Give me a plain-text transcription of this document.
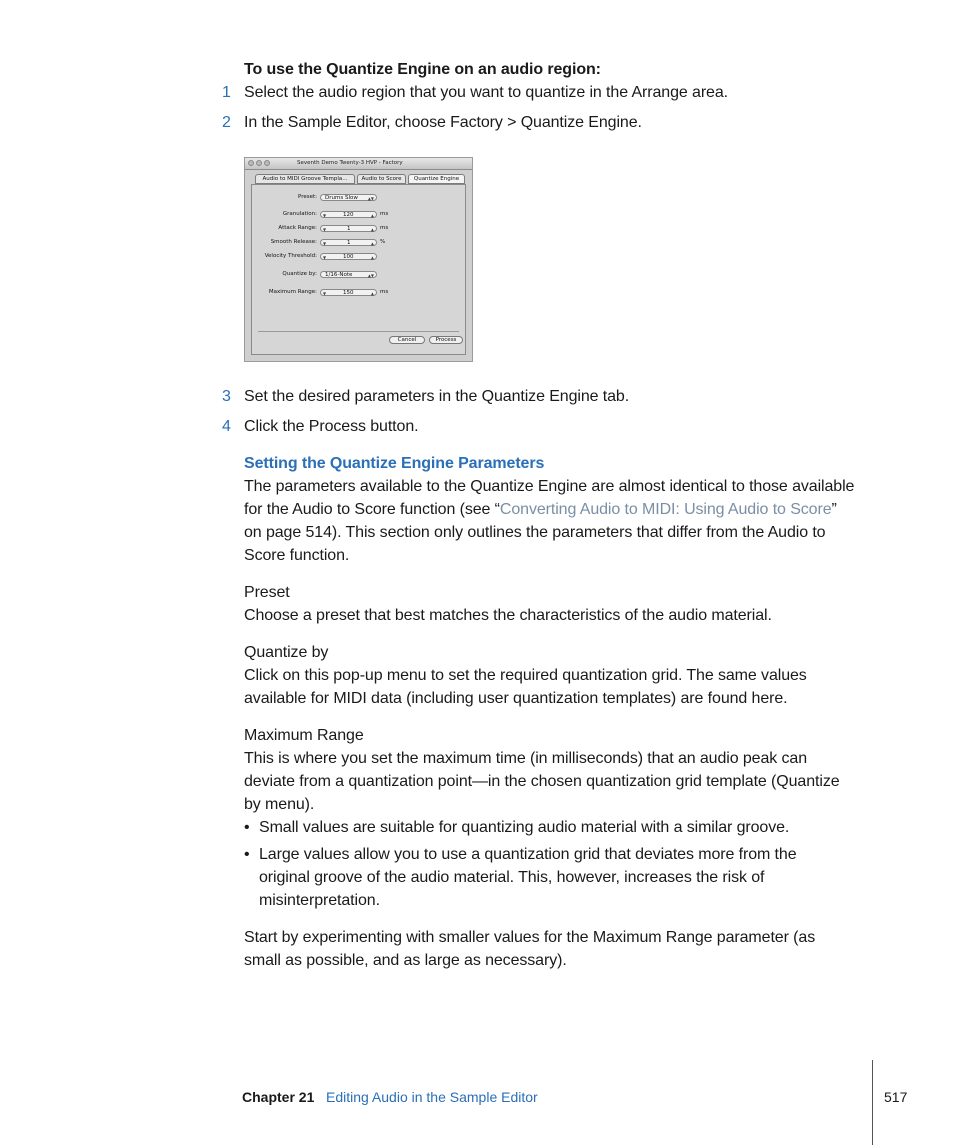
To use the Quantize Engine on an audio region:
1 Select the audio region that you want to quantize in the Arrange area.
2 In the Sample Editor, choose Factory > Quantize Engine.
Seventh Demo Twenty-3 HVP - Factory
Audio to MIDI Groove Templa...	Audio to Score	Quantize Engine
Preset: Drums Slow	▲▼
Granulation: ▼	120	▲ ms
Attack Range: ▼	1	▲ ms
Smooth Release: ▼	1	▲ %
Velocity Threshold: ▼	100	▲
Quantize by: 1/16-Note	▲▼
Maximum Range: ▼	150	▲ ms
Cancel	Process
3 Set the desired parameters in the Quantize Engine tab.
4 Click the Process button.
Setting the Quantize Engine Parameters
The parameters available to the Quantize Engine are almost identical to those available
for the Audio to Score function (see “Converting Audio to MIDI: Using Audio to Score”
on page 514). This section only outlines the parameters that differ from the Audio to
Score function.
Preset
Choose a preset that best matches the characteristics of the audio material.
Quantize by
Click on this pop-up menu to set the required quantization grid. The same values
available for MIDI data (including user quantization templates) are found here.
Maximum Range
This is where you set the maximum time (in milliseconds) that an audio peak can
deviate from a quantization point—in the chosen quantization grid template (Quantize
by menu).
• Small values are suitable for quantizing audio material with a similar groove.
• Large values allow you to use a quantization grid that deviates more from the
original groove of the audio material. This, however, increases the risk of
misinterpretation.
Start by experimenting with smaller values for the Maximum Range parameter (as
small as possible, and as large as necessary).
Chapter 21 Editing Audio in the Sample Editor	517
